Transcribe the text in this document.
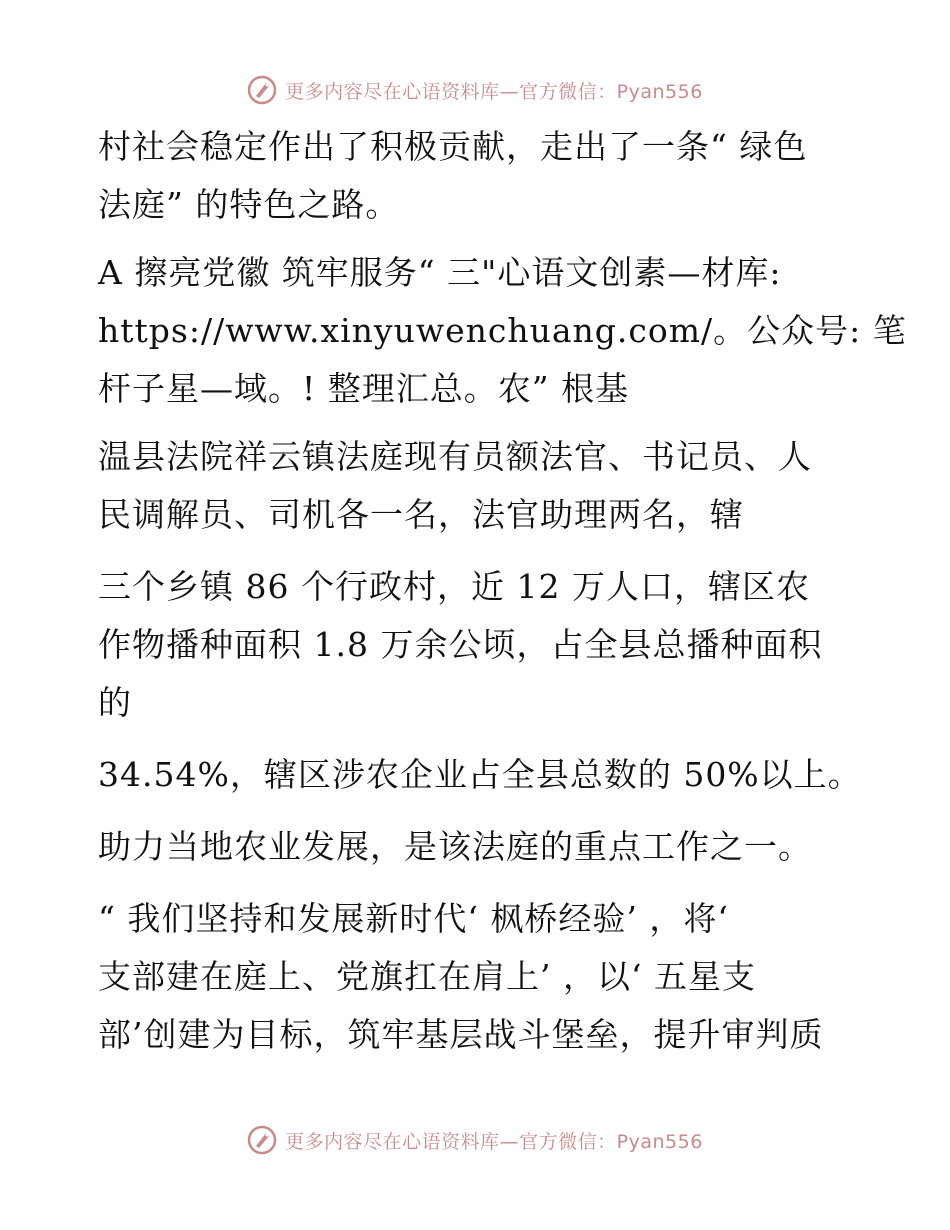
更多内容尽在心语资料库—官方微信：Pyan556

村社会稳定作出了积极贡献，走出了一条“ 绿色
法庭” 的特色之路。

A 擦亮党徽 筑牢服务“ 三"心语文创素—材库:
https://www.xinyuwenchuang.com/。公众号: 笔
杆子星—域。! 整理汇总。农” 根基

温县法院祥云镇法庭现有员额法官、书记员、人
民调解员、司机各一名，法官助理两名，辖

三个乡镇 86 个行政村，近 12 万人口，辖区农
作物播种面积 1.8 万余公顷，占全县总播种面积
的

34.54%，辖区涉农企业占全县总数的 50%以上。

助力当地农业发展，是该法庭的重点工作之一。

“ 我们坚持和发展新时代‘ 枫桥经验’ ，将‘
支部建在庭上、党旗扛在肩上’ ，以‘ 五星支
部’创建为目标，筑牢基层战斗堡垒，提升审判质

更多内容尽在心语资料库—官方微信：Pyan556
